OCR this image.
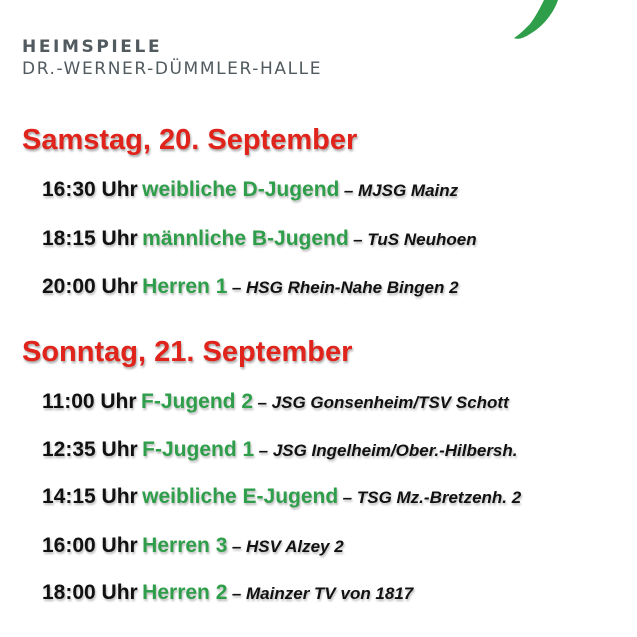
HEIMSPIELE
DR.-WERNER-DÜMMLER-HALLE
Samstag, 20. September
16:30 Uhr weibliche D-Jugend – MJSG Mainz
18:15 Uhr männliche B-Jugend – TuS Neuhoen
20:00 Uhr Herren 1 – HSG Rhein-Nahe Bingen 2
Sonntag, 21. September
11:00 Uhr F-Jugend 2 – JSG Gonsenheim/TSV Schott
12:35 Uhr F-Jugend 1 – JSG Ingelheim/Ober.-Hilbersh.
14:15 Uhr weibliche E-Jugend – TSG Mz.-Bretzenh. 2
16:00 Uhr Herren 3 – HSV Alzey 2
18:00 Uhr Herren 2 – Mainzer TV von 1817
